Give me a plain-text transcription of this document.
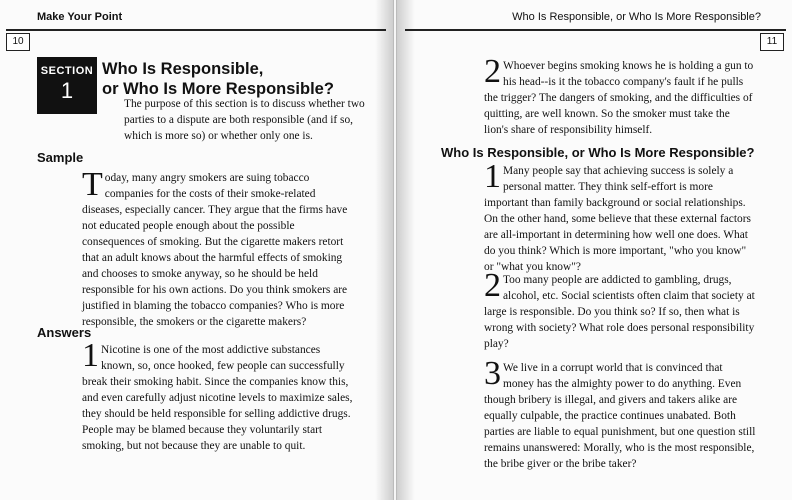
Make Your Point
10
SECTION
1
Who Is Responsible,
or Who Is More Responsible?
The purpose of this section is to discuss whether two parties to a dispute are both responsible (and if so, which is more so) or whether only one is.
Sample

Today, many angry smokers are suing tobacco companies for the costs of their smoke-related diseases, especially cancer. They argue that the firms have not educated people enough about the possible consequences of smoking. But the cigarette makers retort that an adult knows about the harmful effects of smoking and chooses to smoke anyway, so he should be held responsible for his own actions. Do you think smokers are justified in blaming the tobacco companies? Who is more responsible, the smokers or the cigarette makers?

Answers

1 Nicotine is one of the most addictive substances known, so, once hooked, few people can successfully break their smoking habit. Since the companies know this, and even carefully adjust nicotine levels to maximize sales, they should be held responsible for selling addictive drugs. People may be blamed because they voluntarily start smoking, but not because they are unable to quit.

Who Is Responsible, or Who Is More Responsible?
11

2 Whoever begins smoking knows he is holding a gun to his head--is it the tobacco company's fault if he pulls the trigger? The dangers of smoking, and the difficulties of quitting, are well known. So the smoker must take the lion's share of responsibility himself.

Who Is Responsible, or Who Is More Responsible?

1 Many people say that achieving success is solely a personal matter. They think self-effort is more important than family background or social relationships. On the other hand, some believe that these external factors are all-important in determining how well one does. What do you think? Which is more important, "who you know" or "what you know"?

2 Too many people are addicted to gambling, drugs, alcohol, etc. Social scientists often claim that society at large is responsible. Do you think so? If so, then what is wrong with society? What role does personal responsibility play?

3 We live in a corrupt world that is convinced that money has the almighty power to do anything. Even though bribery is illegal, and givers and takers alike are equally culpable, the practice continues unabated. Both parties are liable to equal punishment, but one question still remains unanswered: Morally, who is the most responsible, the bribe giver or the bribe taker?
